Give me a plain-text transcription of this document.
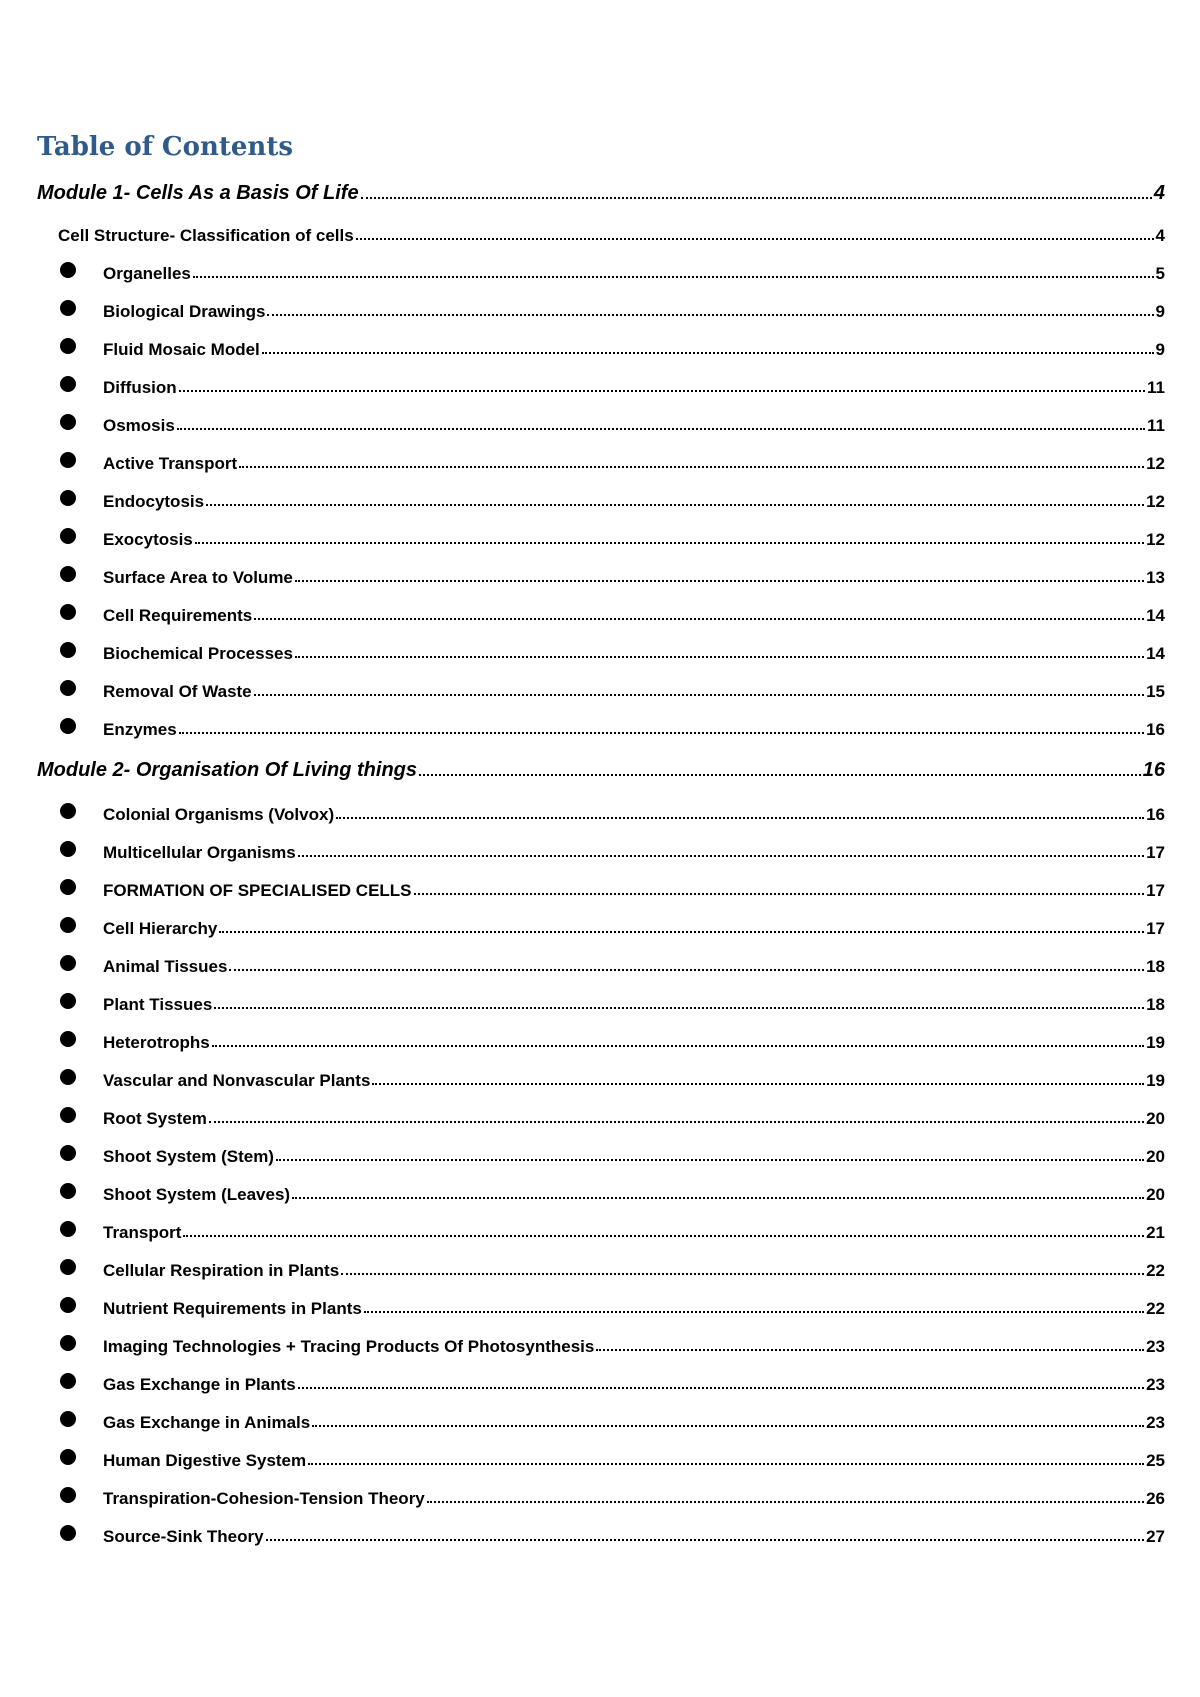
Table of Contents
Module 1- Cells As a Basis Of Life	4
Cell Structure- Classification of cells	4
Organelles	5
Biological Drawings	9
Fluid Mosaic Model	9
Diffusion	11
Osmosis	11
Active Transport	12
Endocytosis	12
Exocytosis	12
Surface Area to Volume	13
Cell Requirements	14
Biochemical Processes	14
Removal Of Waste	15
Enzymes	16
Module 2- Organisation Of Living things	16
Colonial Organisms (Volvox)	16
Multicellular Organisms	17
FORMATION OF SPECIALISED CELLS	17
Cell Hierarchy	17
Animal Tissues	18
Plant Tissues	18
Heterotrophs	19
Vascular and Nonvascular Plants	19
Root System	20
Shoot System (Stem)	20
Shoot System (Leaves)	20
Transport	21
Cellular Respiration in Plants	22
Nutrient Requirements in Plants	22
Imaging Technologies + Tracing Products Of Photosynthesis	23
Gas Exchange in Plants	23
Gas Exchange in Animals	23
Human Digestive System	25
Transpiration-Cohesion-Tension Theory	26
Source-Sink Theory	27
